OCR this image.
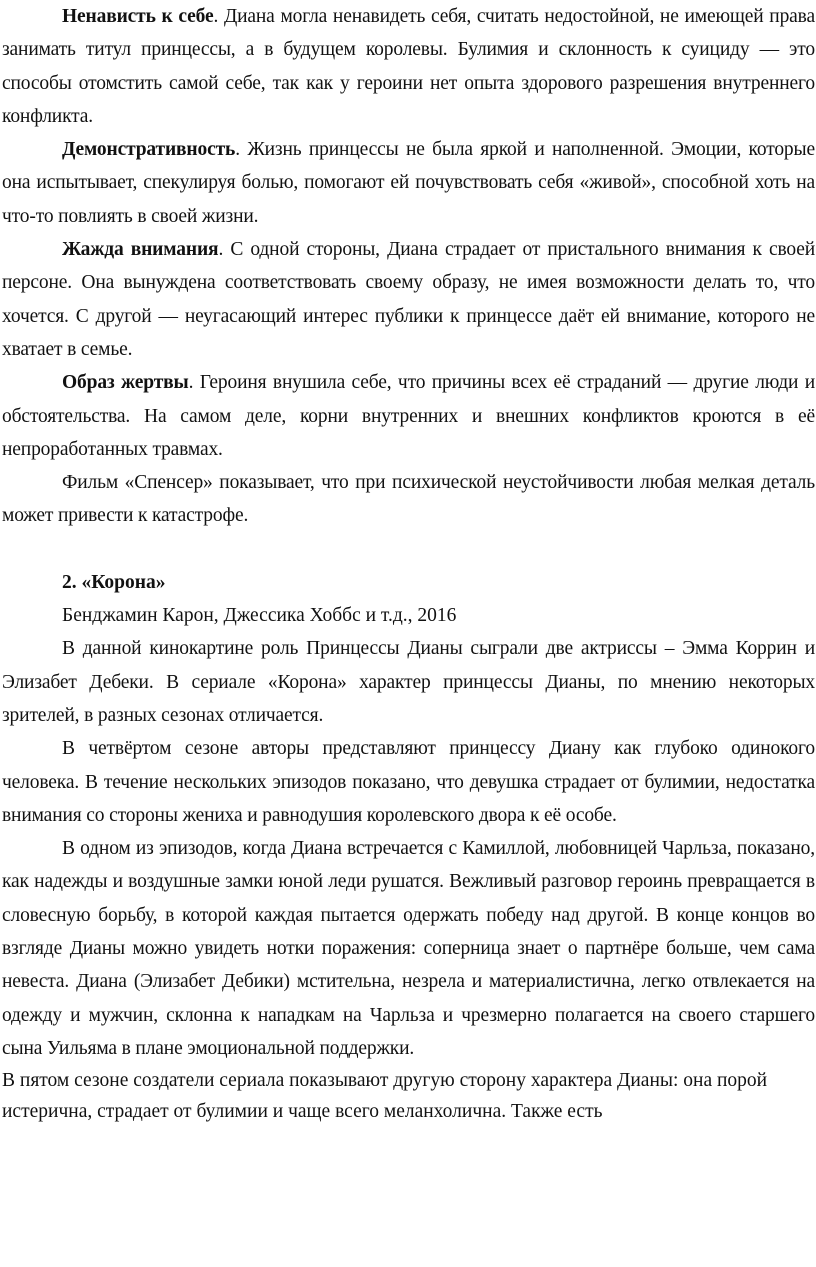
Ненависть к себе. Диана могла ненавидеть себя, считать недостойной, не имеющей права занимать титул принцессы, а в будущем королевы. Булимия и склонность к суициду — это способы отомстить самой себе, так как у героини нет опыта здорового разрешения внутреннего конфликта.

Демонстративность. Жизнь принцессы не была яркой и наполненной. Эмоции, которые она испытывает, спекулируя болью, помогают ей почувствовать себя «живой», способной хоть на что-то повлиять в своей жизни.

Жажда внимания. С одной стороны, Диана страдает от пристального внимания к своей персоне. Она вынуждена соответствовать своему образу, не имея возможности делать то, что хочется. С другой — неугасающий интерес публики к принцессе даёт ей внимание, которого не хватает в семье.

Образ жертвы. Героиня внушила себе, что причины всех её страданий — другие люди и обстоятельства. На самом деле, корни внутренних и внешних конфликтов кроются в её непроработанных травмах.

Фильм «Спенсер» показывает, что при психической неустойчивости любая мелкая деталь может привести к катастрофе.

2. «Корона»

Бенджамин Карон, Джессика Хоббс и т.д., 2016

В данной кинокартине роль Принцессы Дианы сыграли две актриссы – Эмма Коррин и Элизабет Дебеки. В сериале «Корона» характер принцессы Дианы, по мнению некоторых зрителей, в разных сезонах отличается.

В четвёртом сезоне авторы представляют принцессу Диану как глубоко одинокого человека. В течение нескольких эпизодов показано, что девушка страдает от булимии, недостатка внимания со стороны жениха и равнодушия королевского двора к её особе.

В одном из эпизодов, когда Диана встречается с Камиллой, любовницей Чарльза, показано, как надежды и воздушные замки юной леди рушатся. Вежливый разговор героинь превращается в словесную борьбу, в которой каждая пытается одержать победу над другой. В конце концов во взгляде Дианы можно увидеть нотки поражения: соперница знает о партнёре больше, чем сама невеста. Диана (Элизабет Дебики) мстительна, незрела и материалистична, легко отвлекается на одежду и мужчин, склонна к нападкам на Чарльза и чрезмерно полагается на своего старшего сына Уильяма в плане эмоциональной поддержки.

В пятом сезоне создатели сериала показывают другую сторону характера Дианы: она порой истерична, страдает от булимии и чаще всего меланхолична. Также есть
